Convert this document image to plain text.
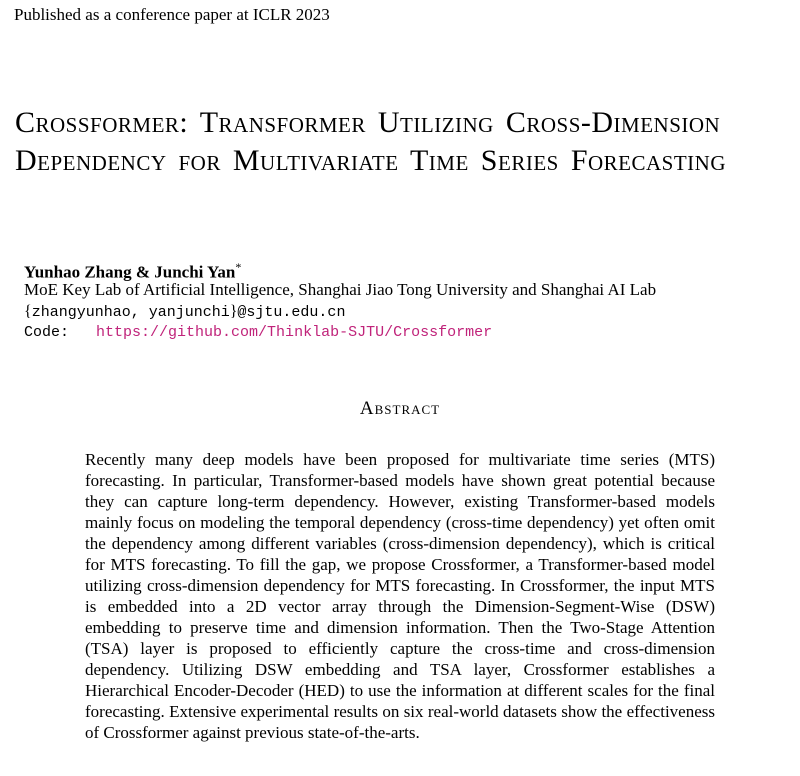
Published as a conference paper at ICLR 2023
Crossformer: Transformer Utilizing Cross-Dimension Dependency for Multivariate Time Series Forecasting
Yunhao Zhang & Junchi Yan*
MoE Key Lab of Artificial Intelligence, Shanghai Jiao Tong University and Shanghai AI Lab
{zhangyunhao, yanjunchi}@sjtu.edu.cn
Code: https://github.com/Thinklab-SJTU/Crossformer
Abstract
Recently many deep models have been proposed for multivariate time series (MTS) forecasting. In particular, Transformer-based models have shown great potential because they can capture long-term dependency. However, existing Transformer-based models mainly focus on modeling the temporal dependency (cross-time dependency) yet often omit the dependency among different variables (cross-dimension dependency), which is critical for MTS forecasting. To fill the gap, we propose Crossformer, a Transformer-based model utilizing cross-dimension dependency for MTS forecasting. In Crossformer, the input MTS is embedded into a 2D vector array through the Dimension-Segment-Wise (DSW) embedding to preserve time and dimension information. Then the Two-Stage Attention (TSA) layer is proposed to efficiently capture the cross-time and cross-dimension dependency. Utilizing DSW embedding and TSA layer, Crossformer establishes a Hierarchical Encoder-Decoder (HED) to use the information at different scales for the final forecasting. Extensive experimental results on six real-world datasets show the effectiveness of Crossformer against previous state-of-the-arts.
